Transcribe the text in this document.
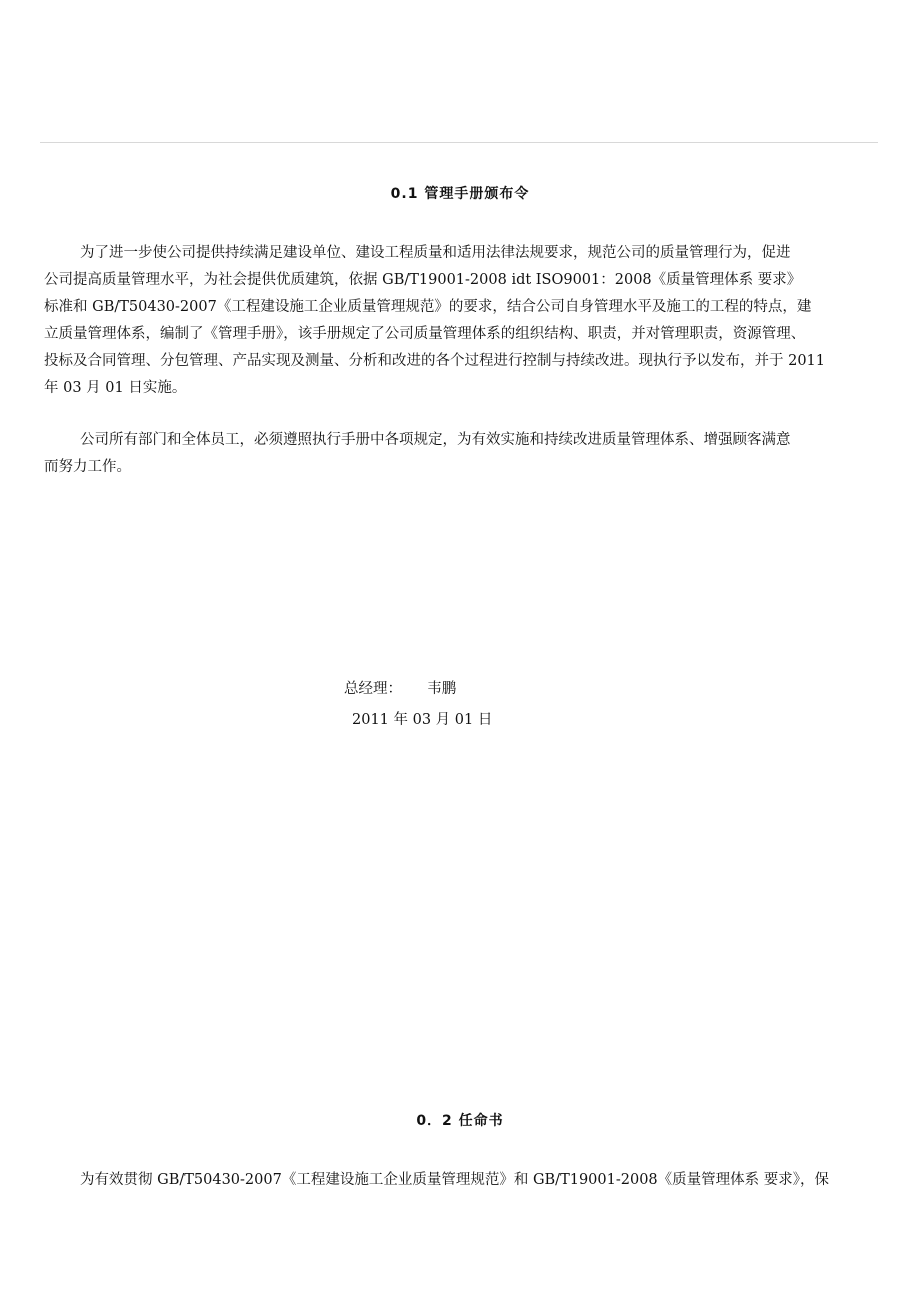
0.1 管理手册颁布令
为了进一步使公司提供持续满足建设单位、建设工程质量和适用法律法规要求，规范公司的质量管理行为，促进
公司提高质量管理水平，为社会提供优质建筑，依据 GB/T19001-2008 idt ISO9001：2008《质量管理体系 要求》
标准和 GB/T50430-2007《工程建设施工企业质量管理规范》的要求，结合公司自身管理水平及施工的工程的特点，建
立质量管理体系，编制了《管理手册》，该手册规定了公司质量管理体系的组织结构、职责，并对管理职责，资源管理、
投标及合同管理、分包管理、产品实现及测量、分析和改进的各个过程进行控制与持续改进。现执行予以发布，并于 2011
年 03 月 01 日实施。
公司所有部门和全体员工，必须遵照执行手册中各项规定，为有效实施和持续改进质量管理体系、增强顾客满意
而努力工作。
总经理： 韦鹏
2011 年 03 月 01 日
0．2 任命书
为有效贯彻 GB/T50430-2007《工程建设施工企业质量管理规范》和 GB/T19001-2008《质量管理体系 要求》，保
